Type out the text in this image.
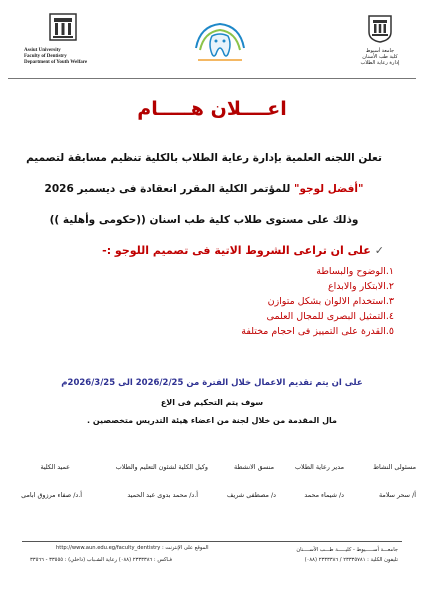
Assiut University
Faculty of Dentistry
Department of Youth Welfare
جامعة أسيوط
كلية طب الأسنان
إدارة رعاية الطلاب
اعــــلان هـــــام
تعلن اللجنه العلمية بإدارة رعاية الطلاب بالكلية تنظيم مسابقة لتصميم
"أفضل لوجو" للمؤتمر الكلية المقرر انعقادة فى ديسمبر 2026
وذلك على مستوى طلاب كلية طب اسنان ((حكومى وأهلية ))
✓على ان تراعى الشروط الاتية فى تصميم اللوجو :-
١.الوضوح والبساطة
٢.الابتكار والابداع
٣.استخدام الالوان بشكل متوازن
٤.التمثيل البصرى للمجال العلمى
٥.القدرة على التمييز فى احجام مختلفة
على ان يتم تقديم الاعمال خلال الفترة من 2026/2/25 الى 2026/3/25م
سوف يتم التحكيم فى الاع
مال المقدمة من خلال لجنة من اعضاء هيئة التدريس متخصصين .
مسئولى النشاط
مدير رعاية الطلاب
منسق الانشطة
وكيل الكلية لشئون التعليم والطلاب
عميد الكلية
أ/ سحر سلامة
د/ شيماء محمد
د/ مصطفى شريف
أ.د/ محمد بدوى عبد الحميد
أ.د/ صفاء مرزوق ابامى
الموقع على الإنترنت : http://www.aun.edu.eg/faculty_dentistry	جامعـــة أســـــيوط - كليـــــة طـــب الأســــنان
فـاكس : ٢٣٣٣٣٨٦ (٠٨٨) رعاية الشـباب (داخلي) : ٣٣٥٥٥ - ٣٣٥٦٦	تليفون الكلية : ٢٣٣٣٥٧٨١ / ٢٣٣٣٣٨٦ (٠٨٨)
